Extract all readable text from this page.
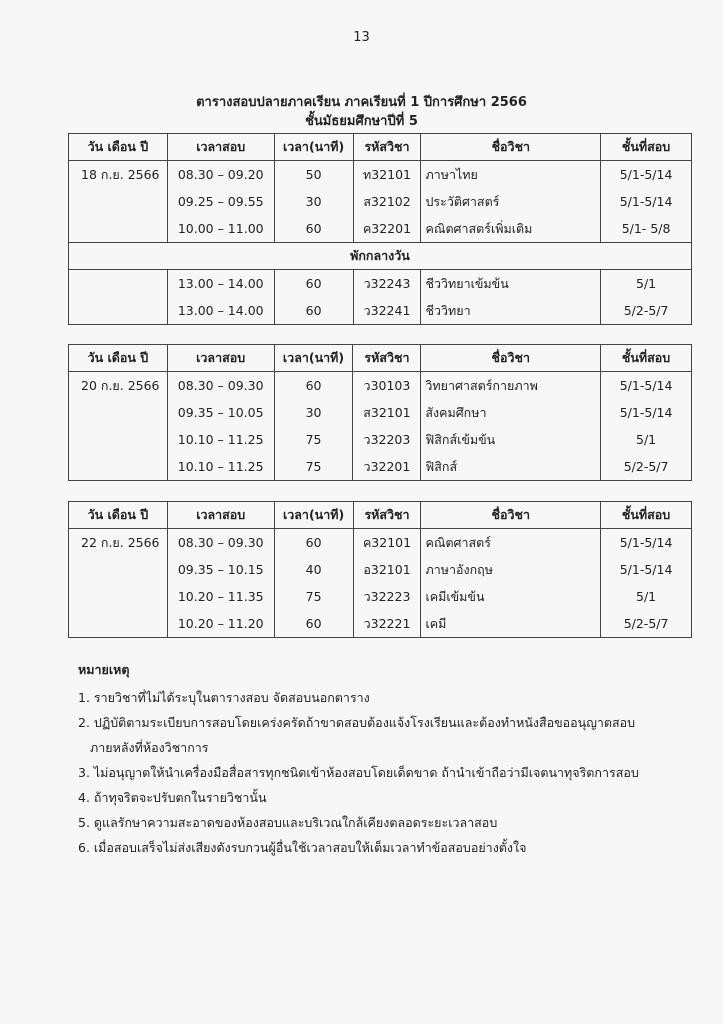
13
ตารางสอบปลายภาคเรียน ภาคเรียนที่ 1 ปีการศึกษา 2566
ชั้นมัธยมศึกษาปีที่ 5
วัน เดือน ปี	เวลาสอบ	เวลา(นาที)	รหัสวิชา	ชื่อวิชา	ชั้นที่สอบ
18 ก.ย. 2566	08.30 – 09.20	50	ท32101	ภาษาไทย	5/1-5/14
	09.25 – 09.55	30	ส32102	ประวัติศาสตร์	5/1-5/14
	10.00 – 11.00	60	ค32201	คณิตศาสตร์เพิ่มเติม	5/1- 5/8
พักกลางวัน					
	13.00 – 14.00	60	ว32243	ชีววิทยาเข้มข้น	5/1
	13.00 – 14.00	60	ว32241	ชีววิทยา	5/2-5/7
วัน เดือน ปี	เวลาสอบ	เวลา(นาที)	รหัสวิชา	ชื่อวิชา	ชั้นที่สอบ
20 ก.ย. 2566	08.30 – 09.30	60	ว30103	วิทยาศาสตร์กายภาพ	5/1-5/14
	09.35 – 10.05	30	ส32101	สังคมศึกษา	5/1-5/14
	10.10 – 11.25	75	ว32203	ฟิสิกส์เข้มข้น	5/1
	10.10 – 11.25	75	ว32201	ฟิสิกส์	5/2-5/7
วัน เดือน ปี	เวลาสอบ	เวลา(นาที)	รหัสวิชา	ชื่อวิชา	ชั้นที่สอบ
22 ก.ย. 2566	08.30 – 09.30	60	ค32101	คณิตศาสตร์	5/1-5/14
	09.35 – 10.15	40	อ32101	ภาษาอังกฤษ	5/1-5/14
	10.20 – 11.35	75	ว32223	เคมีเข้มข้น	5/1
	10.20 – 11.20	60	ว32221	เคมี	5/2-5/7
หมายเหตุ
1. รายวิชาที่ไม่ได้ระบุในตารางสอบ จัดสอบนอกตาราง
2. ปฏิบัติตามระเบียบการสอบโดยเคร่งครัดถ้าขาดสอบต้องแจ้งโรงเรียนและต้องทำหนังสือขออนุญาตสอบ
ภายหลังที่ห้องวิชาการ
3. ไม่อนุญาตให้นำเครื่องมือสื่อสารทุกชนิดเข้าห้องสอบโดยเด็ดขาด ถ้านำเข้าถือว่ามีเจตนาทุจริตการสอบ
4. ถ้าทุจริตจะปรับตกในรายวิชานั้น
5. ดูแลรักษาความสะอาดของห้องสอบและบริเวณใกล้เคียงตลอดระยะเวลาสอบ
6. เมื่อสอบเสร็จไม่ส่งเสียงดังรบกวนผู้อื่นใช้เวลาสอบให้เต็มเวลาทำข้อสอบอย่างตั้งใจ
